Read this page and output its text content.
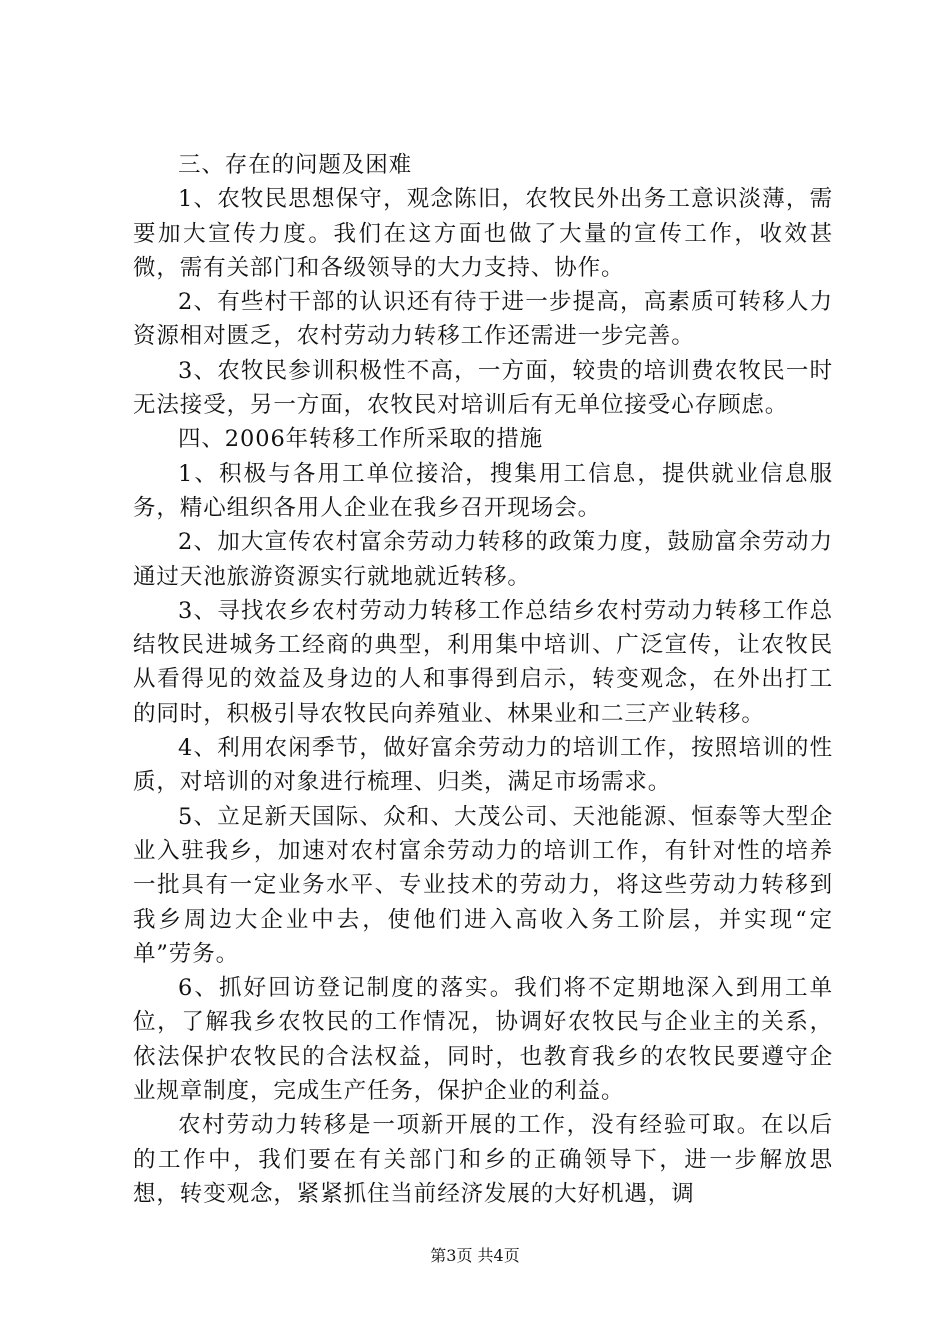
三、存在的问题及困难

1、农牧民思想保守，观念陈旧，农牧民外出务工意识淡薄，需要加大宣传力度。我们在这方面也做了大量的宣传工作，收效甚微，需有关部门和各级领导的大力支持、协作。

2、有些村干部的认识还有待于进一步提高，高素质可转移人力资源相对匮乏，农村劳动力转移工作还需进一步完善。

3、农牧民参训积极性不高，一方面，较贵的培训费农牧民一时无法接受，另一方面，农牧民对培训后有无单位接受心存顾虑。

四、2006年转移工作所采取的措施

1、积极与各用工单位接洽，搜集用工信息，提供就业信息服务，精心组织各用人企业在我乡召开现场会。

2、加大宣传农村富余劳动力转移的政策力度，鼓励富余劳动力通过天池旅游资源实行就地就近转移。

3、寻找农乡农村劳动力转移工作总结乡农村劳动力转移工作总结牧民进城务工经商的典型，利用集中培训、广泛宣传，让农牧民从看得见的效益及身边的人和事得到启示，转变观念，在外出打工的同时，积极引导农牧民向养殖业、林果业和二三产业转移。

4、利用农闲季节，做好富余劳动力的培训工作，按照培训的性质，对培训的对象进行梳理、归类，满足市场需求。

5、立足新天国际、众和、大茂公司、天池能源、恒泰等大型企业入驻我乡，加速对农村富余劳动力的培训工作，有针对性的培养一批具有一定业务水平、专业技术的劳动力，将这些劳动力转移到我乡周边大企业中去，使他们进入高收入务工阶层，并实现“定单”劳务。

6、抓好回访登记制度的落实。我们将不定期地深入到用工单位，了解我乡农牧民的工作情况，协调好农牧民与企业主的关系，依法保护农牧民的合法权益，同时，也教育我乡的农牧民要遵守企业规章制度，完成生产任务，保护企业的利益。

农村劳动力转移是一项新开展的工作，没有经验可取。在以后的工作中，我们要在有关部门和乡的正确领导下，进一步解放思想，转变观念，紧紧抓住当前经济发展的大好机遇，调

第3页 共4页
